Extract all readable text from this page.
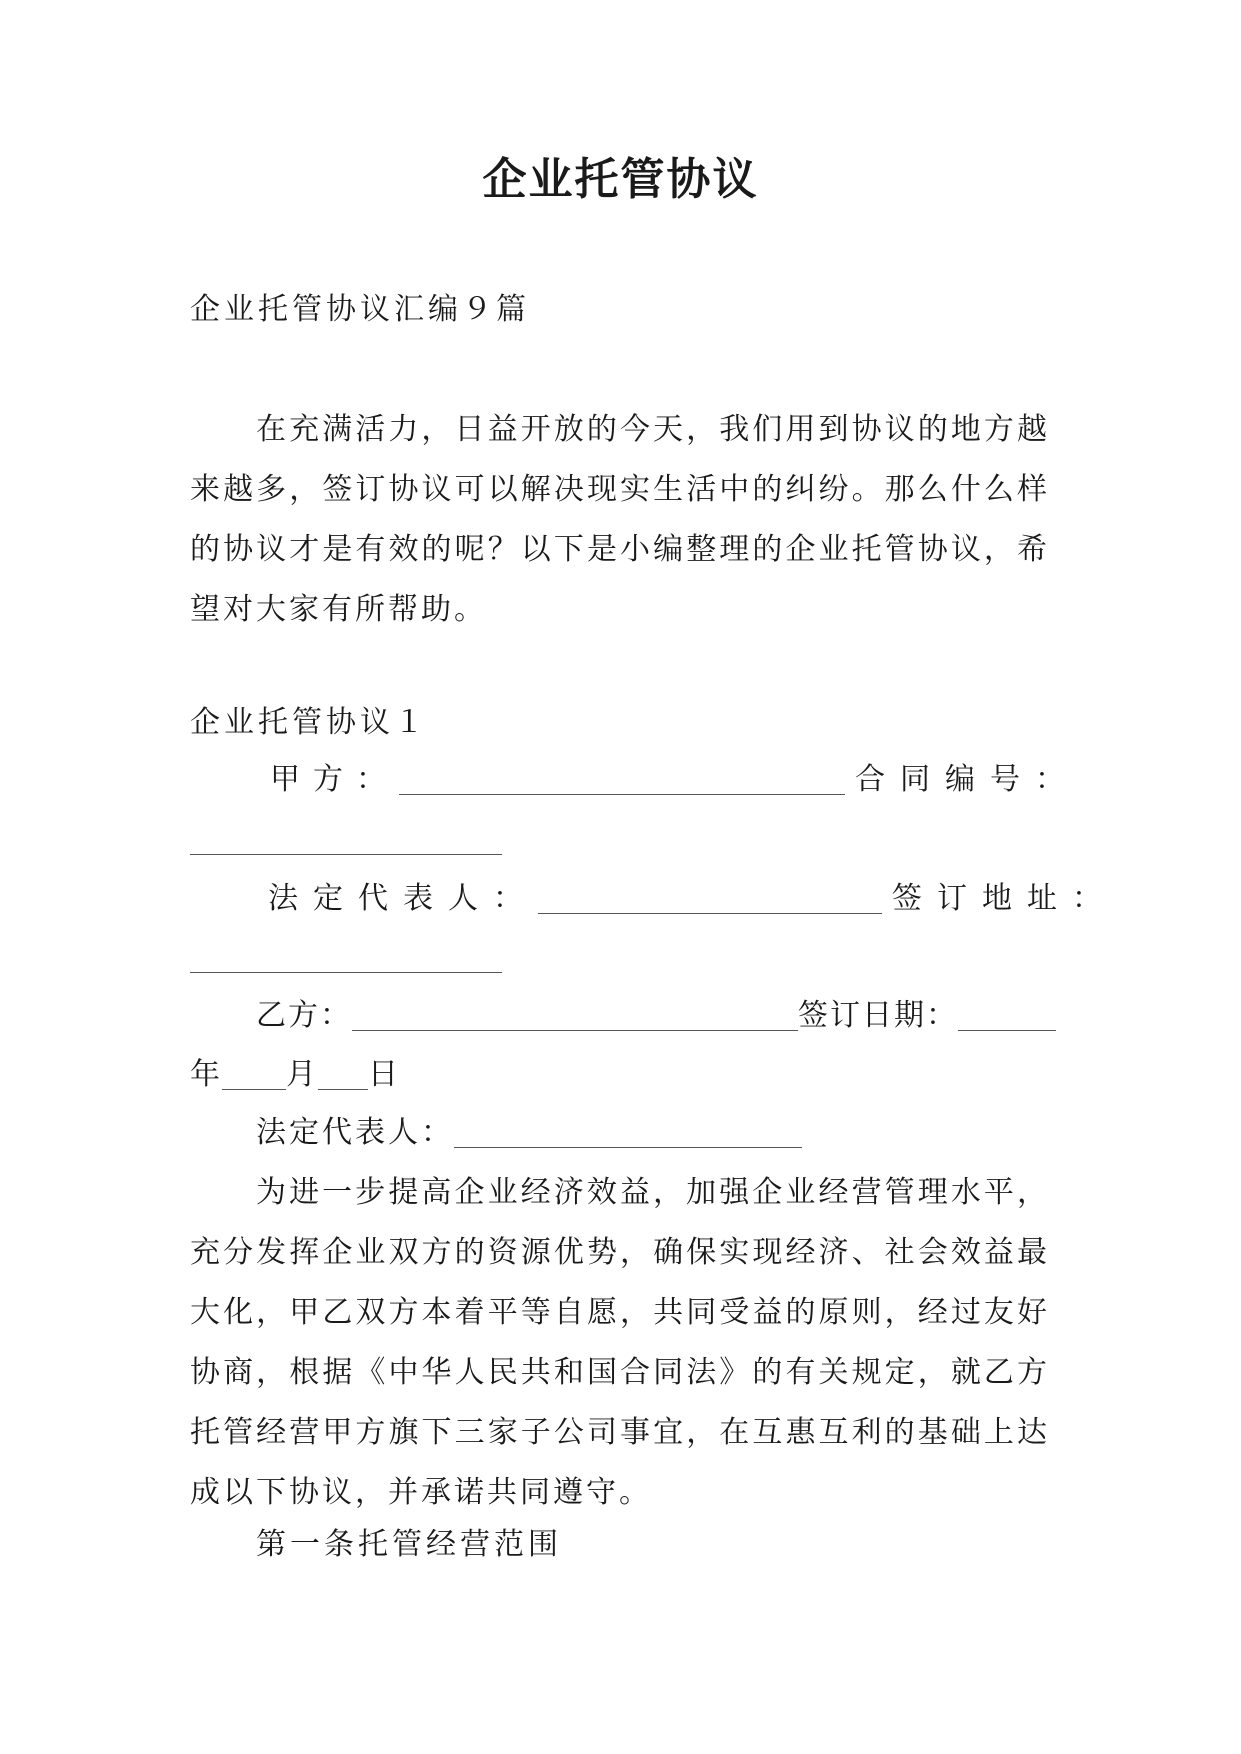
企业托管协议
企业托管协议汇编９篇
在充满活力，日益开放的今天，我们用到协议的地方越来越多，签订协议可以解决现实生活中的纠纷。那么什么样的协议才是有效的呢？以下是小编整理的企业托管协议，希望对大家有所帮助。
企业托管协议１
甲方：	合同编号：
法定代表人：	签订地址：
乙方：	签订日期：
年 月 日
法定代表人：
为进一步提高企业经济效益，加强企业经营管理水平，充分发挥企业双方的资源优势，确保实现经济、社会效益最大化，甲乙双方本着平等自愿，共同受益的原则，经过友好协商，根据《中华人民共和国合同法》的有关规定，就乙方托管经营甲方旗下三家子公司事宜，在互惠互利的基础上达成以下协议，并承诺共同遵守。
第一条托管经营范围
